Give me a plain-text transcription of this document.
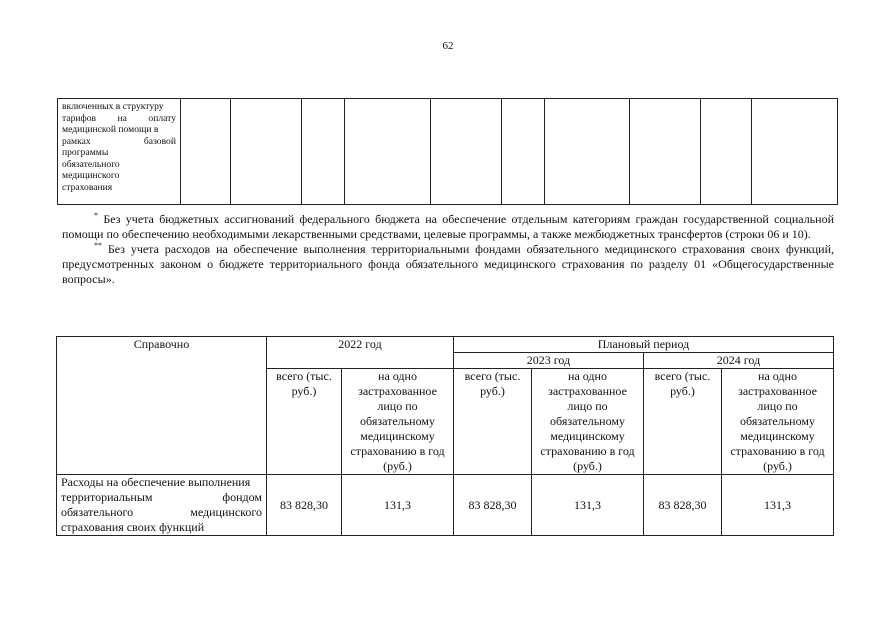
62
включенных в структуру
тарифов на оплату
медицинской помощи в
рамках базовой
программы
обязательного
медицинского
страхования

* Без учета бюджетных ассигнований федерального бюджета на обеспечение отдельным категориям граждан государственной социальной помощи по обеспечению необходимыми лекарственными средствами, целевые программы, а также межбюджетных трансфертов (строки 06 и 10).

** Без учета расходов на обеспечение выполнения территориальными фондами обязательного медицинского страхования своих функций, предусмотренных законом о бюджете территориального фонда обязательного медицинского страхования по разделу 01 «Общегосударственные вопросы».

Справочно	2022 год		Плановый период			
			2023 год		2024 год	
	всего (тыс. руб.)	на одно застрахованное лицо по обязательному медицинскому страхованию в год (руб.)	всего (тыс. руб.)	на одно застрахованное лицо по обязательному медицинскому страхованию в год (руб.)	всего (тыс. руб.)	на одно застрахованное лицо по обязательному медицинскому страхованию в год (руб.)

Расходы на обеспечение выполнения
территориальным фондом
обязательного медицинского
страхования своих функций	83 828,30	131,3	83 828,30	131,3	83 828,30	131,3
